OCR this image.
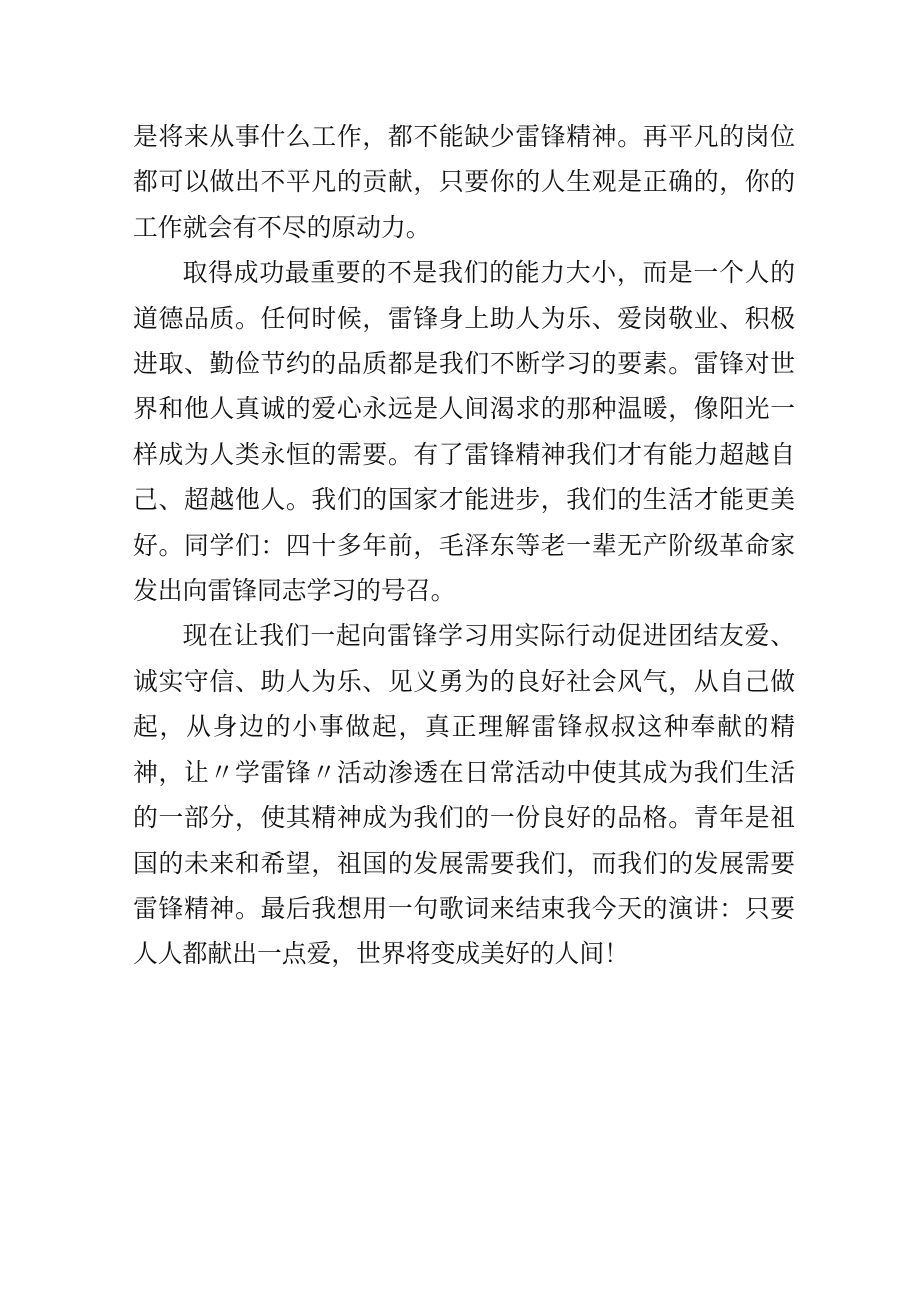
是将来从事什么工作，都不能缺少雷锋精神。再平凡的岗位都可以做出不平凡的贡献，只要你的人生观是正确的，你的工作就会有不尽的原动力。

取得成功最重要的不是我们的能力大小，而是一个人的道德品质。任何时候，雷锋身上助人为乐、爱岗敬业、积极进取、勤俭节约的品质都是我们不断学习的要素。雷锋对世界和他人真诚的爱心永远是人间渴求的那种温暖，像阳光一样成为人类永恒的需要。有了雷锋精神我们才有能力超越自己、超越他人。我们的国家才能进步，我们的生活才能更美好。同学们：四十多年前，毛泽东等老一辈无产阶级革命家发出向雷锋同志学习的号召。

现在让我们一起向雷锋学习用实际行动促进团结友爱、诚实守信、助人为乐、见义勇为的良好社会风气，从自己做起，从身边的小事做起，真正理解雷锋叔叔这种奉献的精神，让〃学雷锋〃活动渗透在日常活动中使其成为我们生活的一部分，使其精神成为我们的一份良好的品格。青年是祖国的未来和希望，祖国的发展需要我们，而我们的发展需要雷锋精神。最后我想用一句歌词来结束我今天的演讲：只要人人都献出一点爱，世界将变成美好的人间！
